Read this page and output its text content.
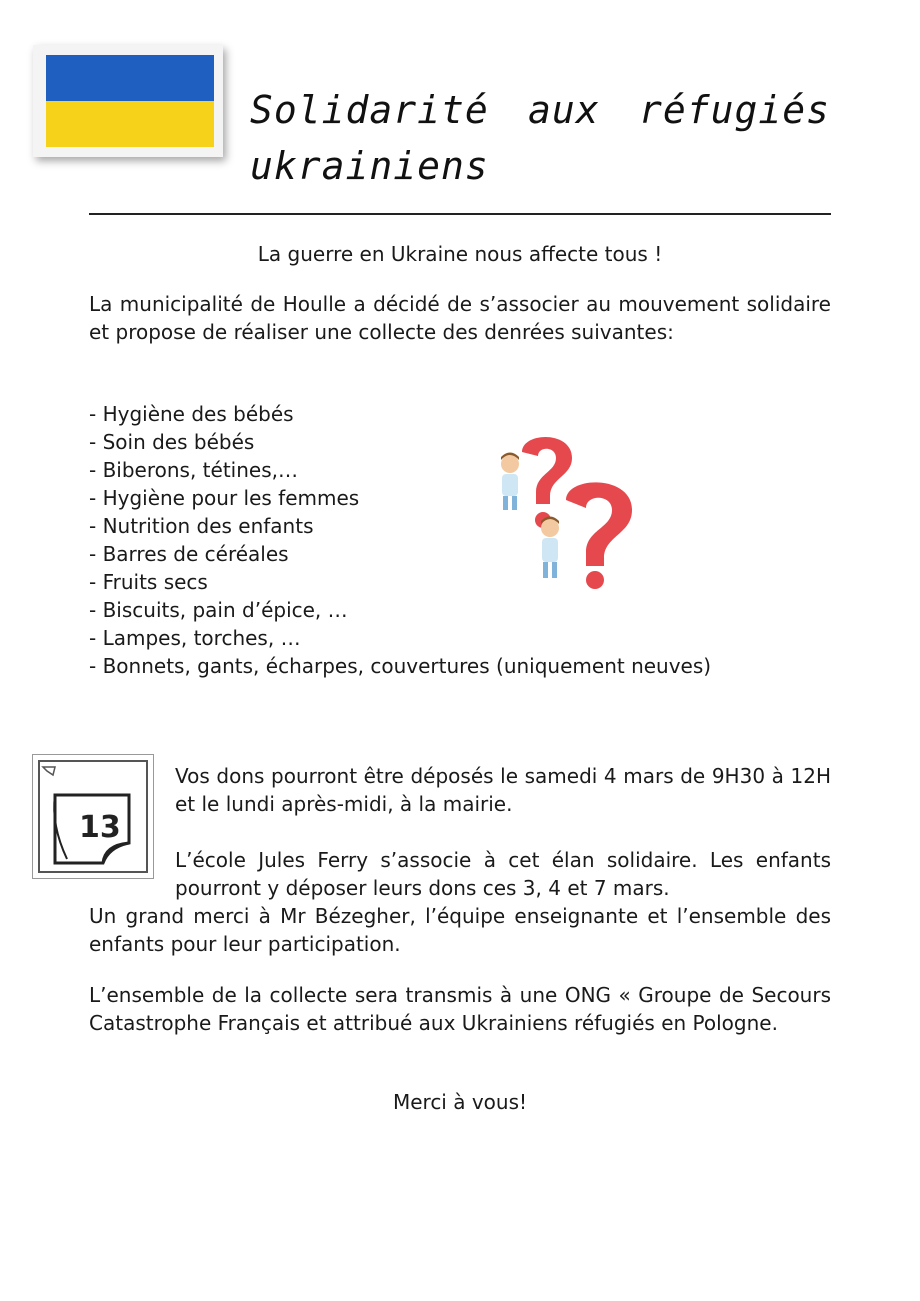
Solidarité aux réfugiés ukrainiens
La guerre en Ukraine nous affecte tous !
La municipalité de Houlle a décidé de s’associer au mouvement solidaire et propose de réaliser une collecte des denrées suivantes:
- Hygiène des bébés
- Soin des bébés
- Biberons, tétines,…
- Hygiène pour les femmes
- Nutrition des enfants
- Barres de céréales
- Fruits secs
- Biscuits, pain d’épice, …
- Lampes, torches, …
- Bonnets, gants, écharpes, couvertures (uniquement neuves)
13
Vos dons pourront être déposés le samedi 4 mars de 9H30 à 12H et le lundi après-midi, à la mairie.
L’école Jules Ferry s’associe à cet élan solidaire. Les enfants pourront y déposer leurs dons ces 3, 4 et 7 mars.
Un grand merci à Mr Bézegher, l’équipe enseignante et l’ensemble des enfants pour leur participation.
L’ensemble de la collecte sera transmis à une ONG « Groupe de Secours Catastrophe Français et attribué aux Ukrainiens réfugiés en Pologne.
Merci à vous!
